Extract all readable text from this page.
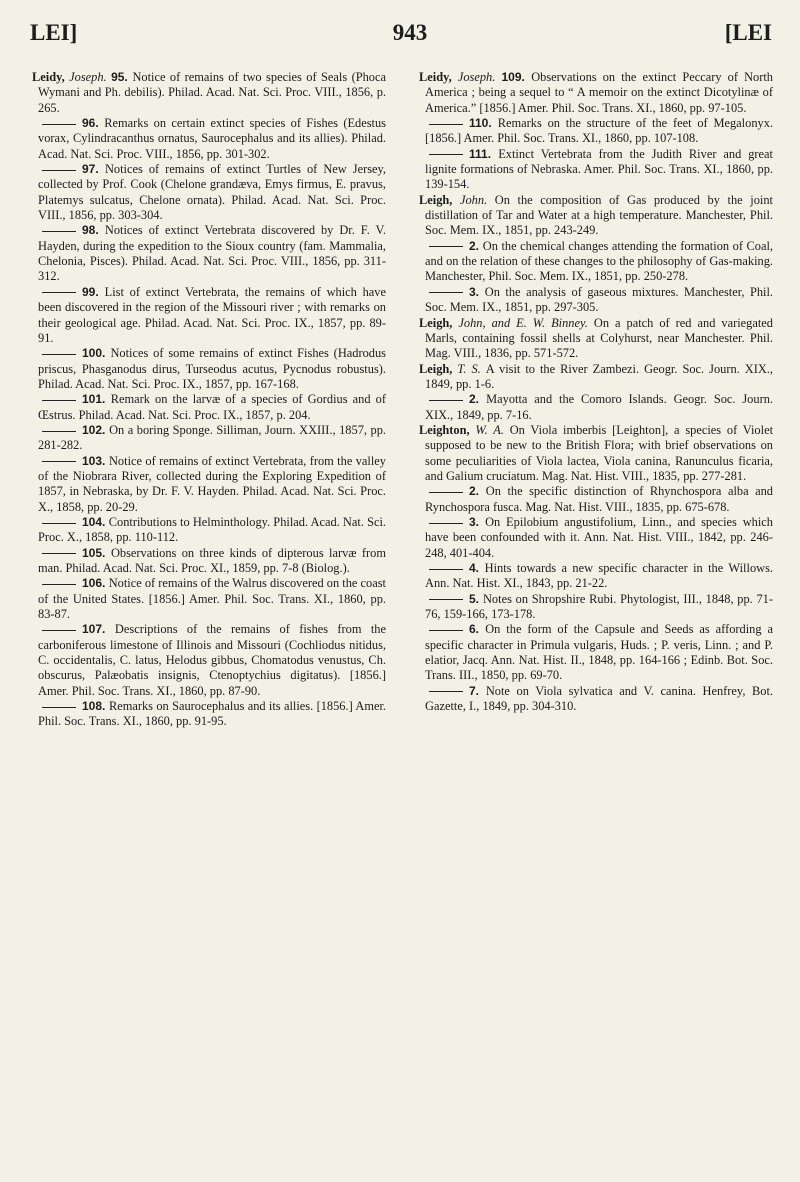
LEI]	943	[LEI
Leidy, Joseph. 95. Notice of remains of two species of Seals (Phoca Wymani and Ph. debilis). Philad. Acad. Nat. Sci. Proc. VIII., 1856, p. 265.
96. Remarks on certain extinct species of Fishes (Edestus vorax, Cylindracanthus ornatus, Saurocephalus and its allies). Philad. Acad. Nat. Sci. Proc. VIII., 1856, pp. 301-302.
97. Notices of remains of extinct Turtles of New Jersey, collected by Prof. Cook (Chelone grandæva, Emys firmus, E. pravus, Platemys sulcatus, Chelone ornata). Philad. Acad. Nat. Sci. Proc. VIII., 1856, pp. 303-304.
98. Notices of extinct Vertebrata discovered by Dr. F. V. Hayden, during the expedition to the Sioux country (fam. Mammalia, Chelonia, Pisces). Philad. Acad. Nat. Sci. Proc. VIII., 1856, pp. 311-312.
99. List of extinct Vertebrata, the remains of which have been discovered in the region of the Missouri river ; with remarks on their geological age. Philad. Acad. Nat. Sci. Proc. IX., 1857, pp. 89-91.
100. Notices of some remains of extinct Fishes (Hadrodus priscus, Phasganodus dirus, Turseodus acutus, Pycnodus robustus). Philad. Acad. Nat. Sci. Proc. IX., 1857, pp. 167-168.
101. Remark on the larvæ of a species of Gordius and of Œstrus. Philad. Acad. Nat. Sci. Proc. IX., 1857, p. 204.
102. On a boring Sponge. Silliman, Journ. XXIII., 1857, pp. 281-282.
103. Notice of remains of extinct Vertebrata, from the valley of the Niobrara River, collected during the Exploring Expedition of 1857, in Nebraska, by Dr. F. V. Hayden. Philad. Acad. Nat. Sci. Proc. X., 1858, pp. 20-29.
104. Contributions to Helminthology. Philad. Acad. Nat. Sci. Proc. X., 1858, pp. 110-112.
105. Observations on three kinds of dipterous larvæ from man. Philad. Acad. Nat. Sci. Proc. XI., 1859, pp. 7-8 (Biolog.).
106. Notice of remains of the Walrus discovered on the coast of the United States. [1856.] Amer. Phil. Soc. Trans. XI., 1860, pp. 83-87.
107. Descriptions of the remains of fishes from the carboniferous limestone of Illinois and Missouri (Cochliodus nitidus, C. occidentalis, C. latus, Helodus gibbus, Chomatodus venustus, Ch. obscurus, Palæobatis insignis, Ctenoptychius digitatus). [1856.] Amer. Phil. Soc. Trans. XI., 1860, pp. 87-90.
108. Remarks on Saurocephalus and its allies. [1856.] Amer. Phil. Soc. Trans. XI., 1860, pp. 91-95.
Leidy, Joseph. 109. Observations on the extinct Peccary of North America ; being a sequel to “ A memoir on the extinct Dicotylinæ of America.” [1856.] Amer. Phil. Soc. Trans. XI., 1860, pp. 97-105.
110. Remarks on the structure of the feet of Megalonyx. [1856.] Amer. Phil. Soc. Trans. XI., 1860, pp. 107-108.
111. Extinct Vertebrata from the Judith River and great lignite formations of Nebraska. Amer. Phil. Soc. Trans. XI., 1860, pp. 139-154.
Leigh, John. On the composition of Gas produced by the joint distillation of Tar and Water at a high temperature. Manchester, Phil. Soc. Mem. IX., 1851, pp. 243-249.
2. On the chemical changes attending the formation of Coal, and on the relation of these changes to the philosophy of Gas-making. Manchester, Phil. Soc. Mem. IX., 1851, pp. 250-278.
3. On the analysis of gaseous mixtures. Manchester, Phil. Soc. Mem. IX., 1851, pp. 297-305.
Leigh, John, and E. W. Binney. On a patch of red and variegated Marls, containing fossil shells at Colyhurst, near Manchester. Phil. Mag. VIII., 1836, pp. 571-572.
Leigh, T. S. A visit to the River Zambezi. Geogr. Soc. Journ. XIX., 1849, pp. 1-6.
2. Mayotta and the Comoro Islands. Geogr. Soc. Journ. XIX., 1849, pp. 7-16.
Leighton, W. A. On Viola imberbis [Leighton], a species of Violet supposed to be new to the British Flora; with brief observations on some peculiarities of Viola lactea, Viola canina, Ranunculus ficaria, and Galium cruciatum. Mag. Nat. Hist. VIII., 1835, pp. 277-281.
2. On the specific distinction of Rhynchospora alba and Rynchospora fusca. Mag. Nat. Hist. VIII., 1835, pp. 675-678.
3. On Epilobium angustifolium, Linn., and species which have been confounded with it. Ann. Nat. Hist. VIII., 1842, pp. 246-248, 401-404.
4. Hints towards a new specific character in the Willows. Ann. Nat. Hist. XI., 1843, pp. 21-22.
5. Notes on Shropshire Rubi. Phytologist, III., 1848, pp. 71-76, 159-166, 173-178.
6. On the form of the Capsule and Seeds as affording a specific character in Primula vulgaris, Huds. ; P. veris, Linn. ; and P. elatior, Jacq. Ann. Nat. Hist. II., 1848, pp. 164-166 ; Edinb. Bot. Soc. Trans. III., 1850, pp. 69-70.
7. Note on Viola sylvatica and V. canina. Henfrey, Bot. Gazette, I., 1849, pp. 304-310.
